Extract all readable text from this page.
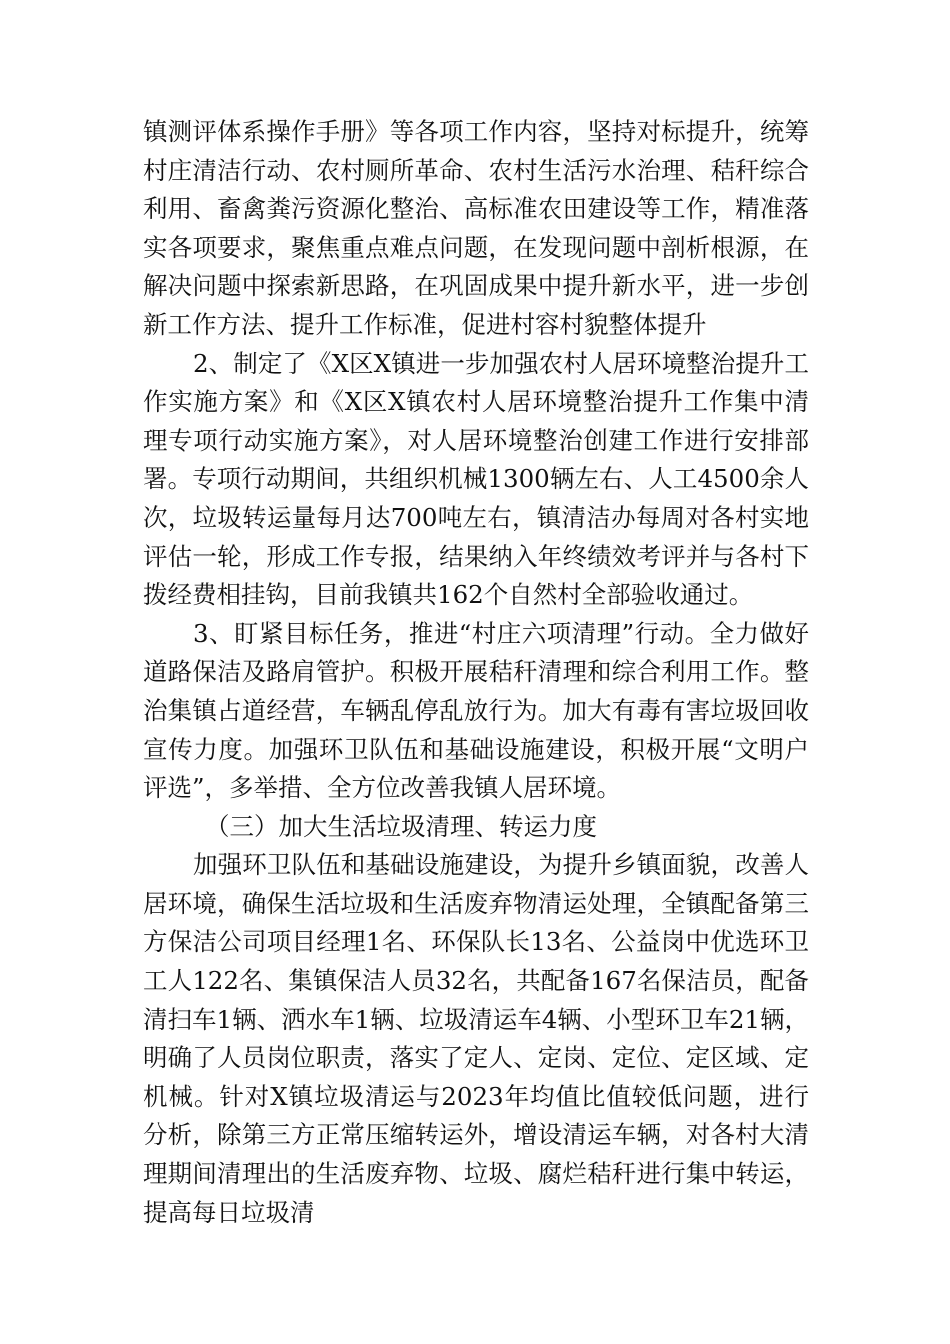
镇测评体系操作手册》等各项工作内容，坚持对标提升，统筹村庄清洁行动、农村厕所革命、农村生活污水治理、秸秆综合利用、畜禽粪污资源化整治、高标准农田建设等工作，精准落实各项要求，聚焦重点难点问题，在发现问题中剖析根源，在解决问题中探索新思路，在巩固成果中提升新水平，进一步创新工作方法、提升工作标准，促进村容村貌整体提升

2、制定了《X区X镇进一步加强农村人居环境整治提升工作实施方案》和《X区X镇农村人居环境整治提升工作集中清理专项行动实施方案》，对人居环境整治创建工作进行安排部署。专项行动期间，共组织机械1300辆左右、人工4500余人次，垃圾转运量每月达700吨左右，镇清洁办每周对各村实地评估一轮，形成工作专报，结果纳入年终绩效考评并与各村下拨经费相挂钩，目前我镇共162个自然村全部验收通过。

3、盯紧目标任务，推进“村庄六项清理”行动。全力做好道路保洁及路肩管护。积极开展秸秆清理和综合利用工作。整治集镇占道经营，车辆乱停乱放行为。加大有毒有害垃圾回收宣传力度。加强环卫队伍和基础设施建设，积极开展“文明户评选”，多举措、全方位改善我镇人居环境。

（三）加大生活垃圾清理、转运力度

加强环卫队伍和基础设施建设，为提升乡镇面貌，改善人居环境，确保生活垃圾和生活废弃物清运处理，全镇配备第三方保洁公司项目经理1名、环保队长13名、公益岗中优选环卫工人122名、集镇保洁人员32名，共配备167名保洁员，配备清扫车1辆、洒水车1辆、垃圾清运车4辆、小型环卫车21辆，明确了人员岗位职责，落实了定人、定岗、定位、定区域、定机械。针对X镇垃圾清运与2023年均值比值较低问题，进行分析，除第三方正常压缩转运外，增设清运车辆，对各村大清理期间清理出的生活废弃物、垃圾、腐烂秸秆进行集中转运，提高每日垃圾清
